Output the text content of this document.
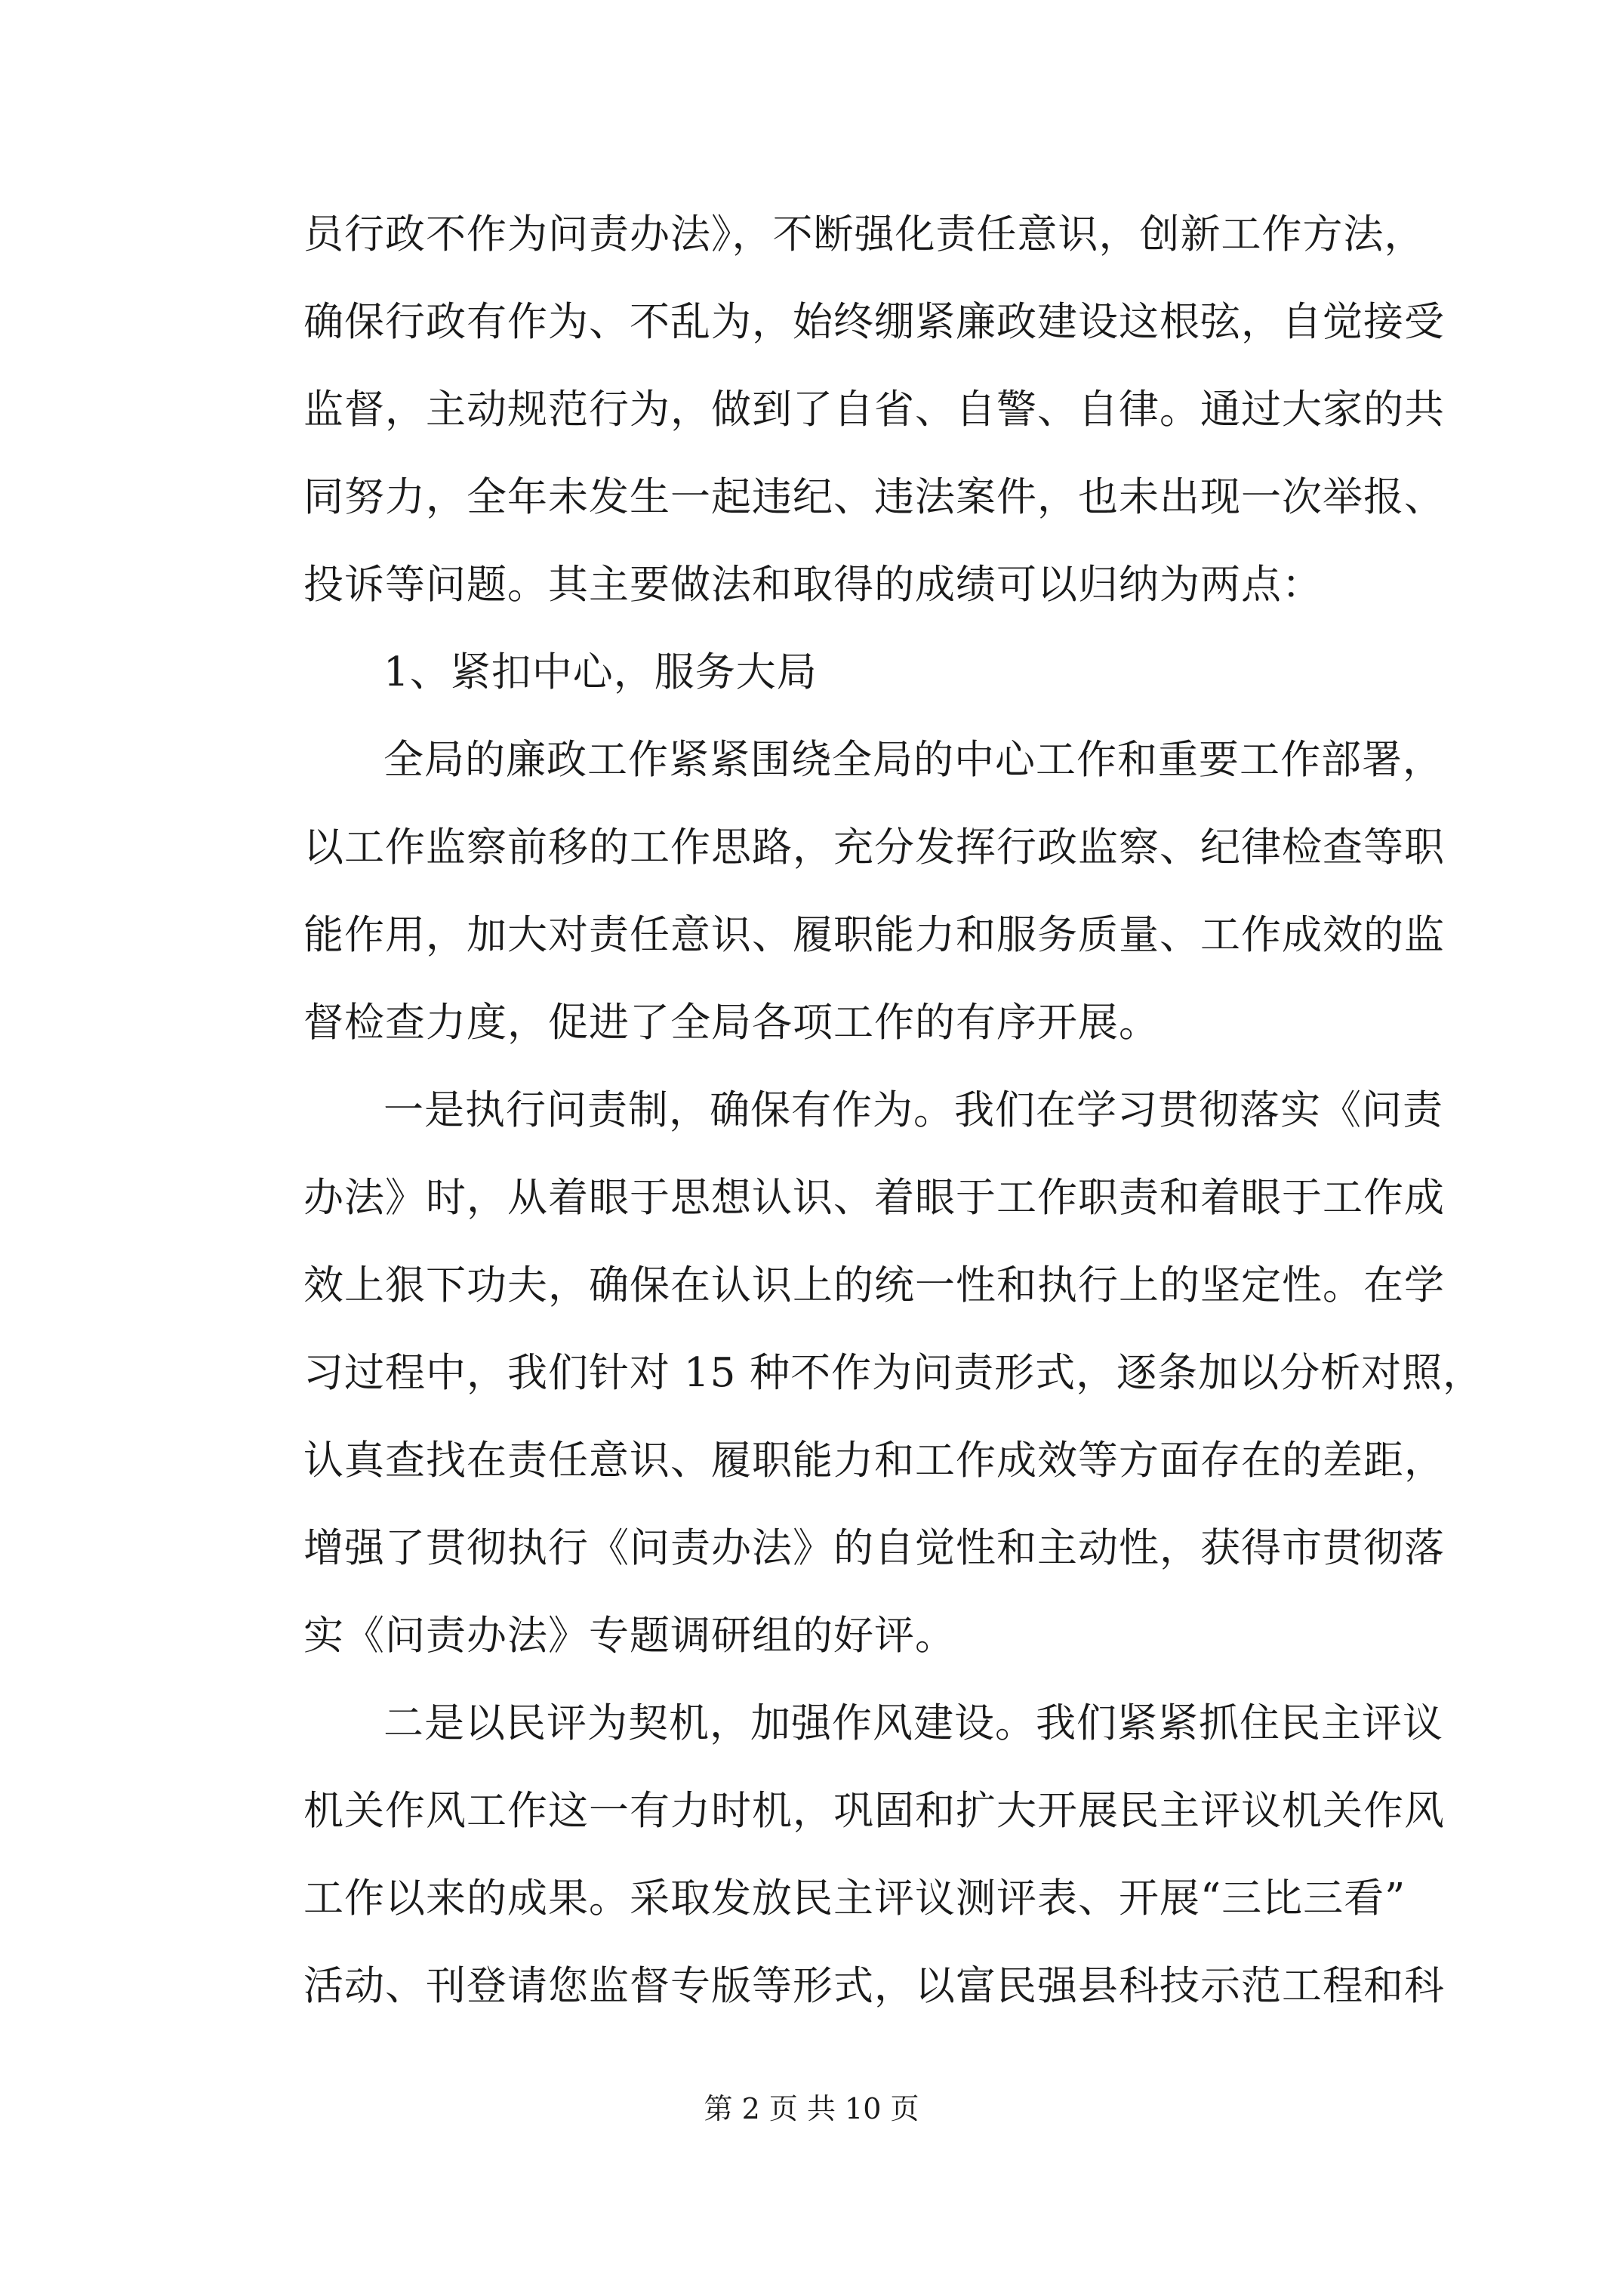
员行政不作为问责办法》，不断强化责任意识，创新工作方法，
确保行政有作为、不乱为，始终绷紧廉政建设这根弦，自觉接受
监督，主动规范行为，做到了自省、自警、自律。通过大家的共
同努力，全年未发生一起违纪、违法案件，也未出现一次举报、
投诉等问题。其主要做法和取得的成绩可以归纳为两点：
1、紧扣中心，服务大局
全局的廉政工作紧紧围绕全局的中心工作和重要工作部署，
以工作监察前移的工作思路，充分发挥行政监察、纪律检查等职
能作用，加大对责任意识、履职能力和服务质量、工作成效的监
督检查力度，促进了全局各项工作的有序开展。
一是执行问责制，确保有作为。我们在学习贯彻落实《问责
办法》时，从着眼于思想认识、着眼于工作职责和着眼于工作成
效上狠下功夫，确保在认识上的统一性和执行上的坚定性。在学
习过程中，我们针对 15 种不作为问责形式，逐条加以分析对照，
认真查找在责任意识、履职能力和工作成效等方面存在的差距，
增强了贯彻执行《问责办法》的自觉性和主动性，获得市贯彻落
实《问责办法》专题调研组的好评。
二是以民评为契机，加强作风建设。我们紧紧抓住民主评议
机关作风工作这一有力时机，巩固和扩大开展民主评议机关作风
工作以来的成果。采取发放民主评议测评表、开展“三比三看”
活动、刊登请您监督专版等形式，以富民强县科技示范工程和科
第 2 页 共 10 页
